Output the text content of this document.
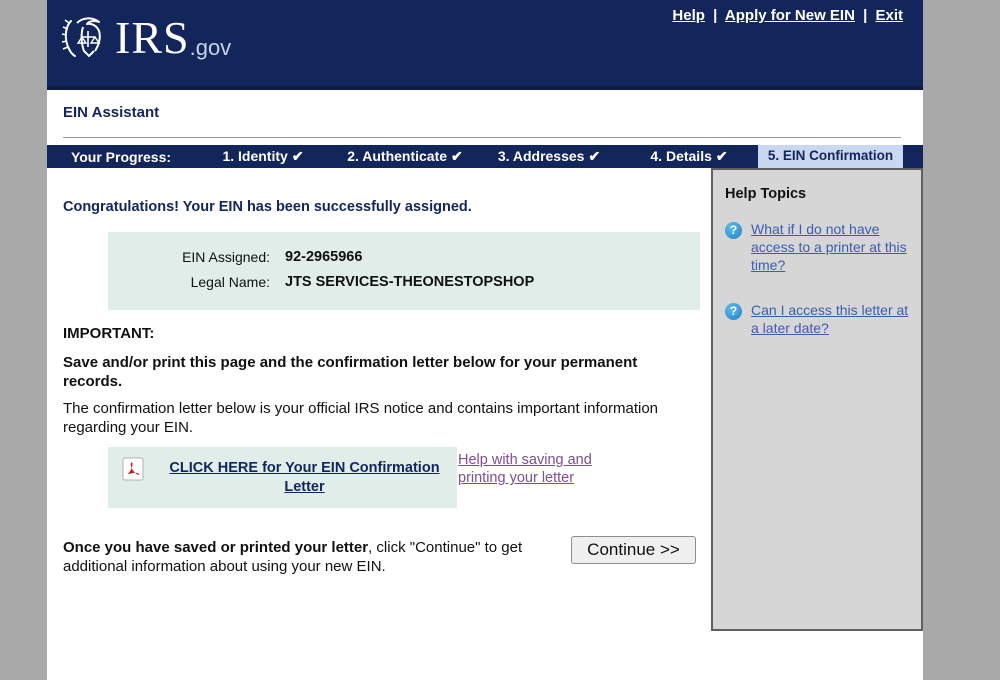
IRS .gov
Help | Apply for New EIN | Exit
EIN Assistant
Your Progress:	1. Identity ✔	2. Authenticate ✔	3. Addresses ✔	4. Details ✔	5. EIN Confirmation
Help Topics
? What if I do not have access to a printer at this time?
? Can I access this letter at a later date?
Congratulations! Your EIN has been successfully assigned.
EIN Assigned: 92-2965966
Legal Name: JTS SERVICES-THEONESTOPSHOP
IMPORTANT:
Save and/or print this page and the confirmation letter below for your permanent records.
The confirmation letter below is your official IRS notice and contains important information regarding your EIN.
CLICK HERE for Your EIN Confirmation Letter
Help with saving and printing your letter
Once you have saved or printed your letter, click "Continue" to get additional information about using your new EIN.
Continue >>
